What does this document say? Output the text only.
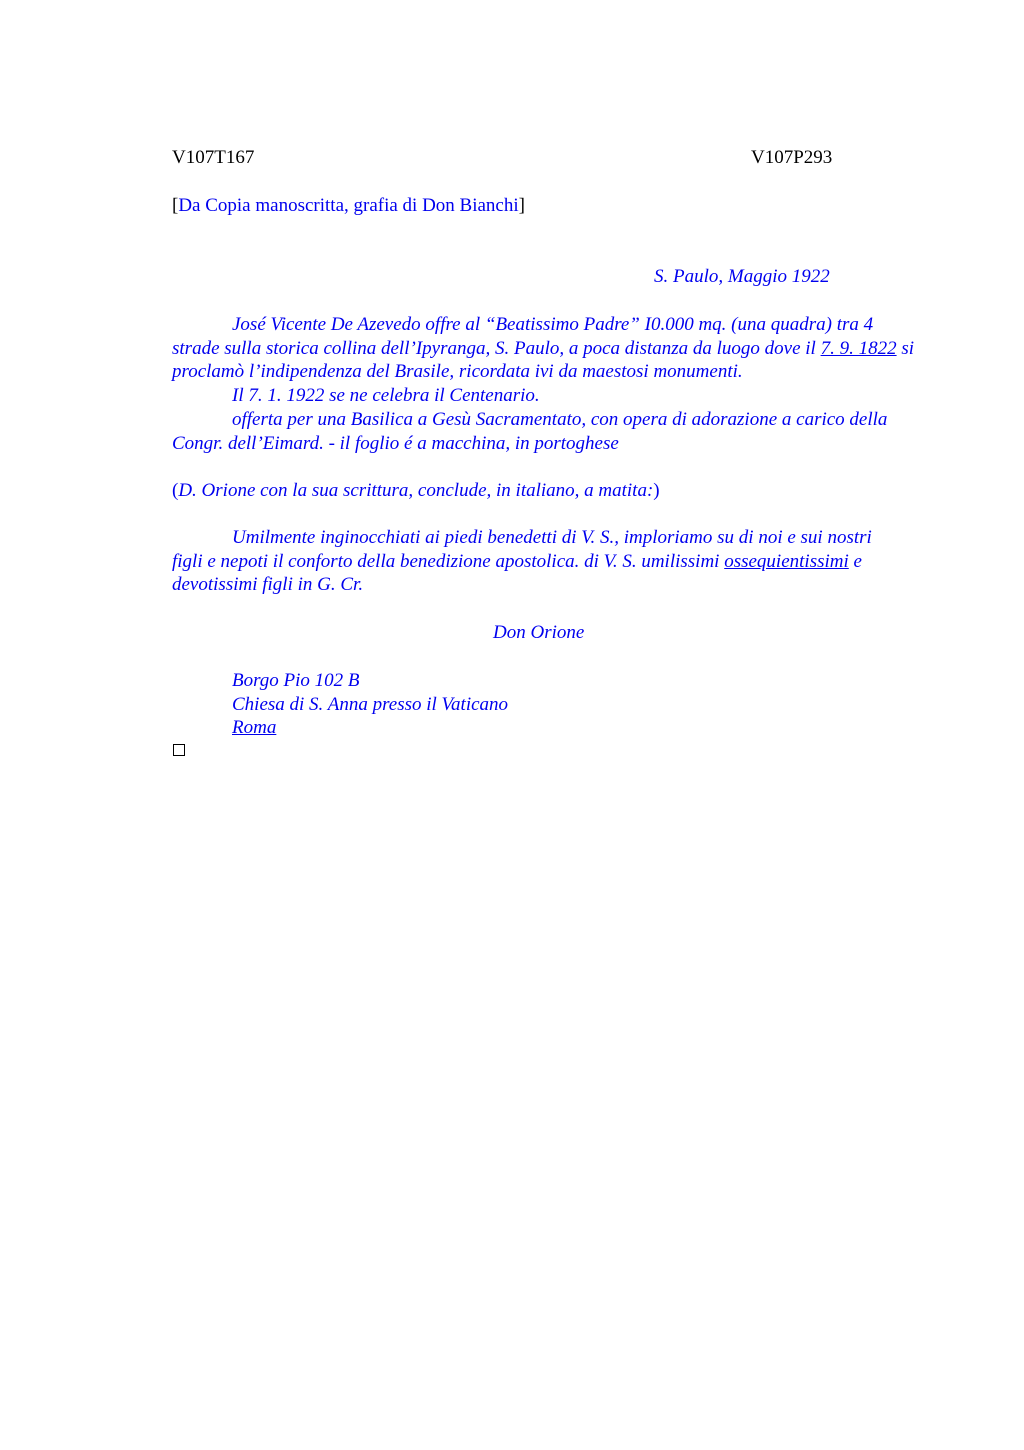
V107T167	V107P293
[Da Copia manoscritta, grafia di Don Bianchi]
S. Paulo, Maggio 1922

José Vicente De Azevedo offre al “Beatissimo Padre” I0.000 mq. (una quadra) tra 4 strade sulla storica collina dell’Ipyranga, S. Paulo, a poca distanza da luogo dove il 7. 9. 1822 si proclamò l’indipendenza del Brasile, ricordata ivi da maestosi monumenti.

Il 7. 1. 1922 se ne celebra il Centenario.

offerta per una Basilica a Gesù Sacramentato, con opera di adorazione a carico della Congr. dell’Eimard. - il foglio é a macchina, in portoghese

(D. Orione con la sua scrittura, conclude, in italiano, a matita:)

Umilmente inginocchiati ai piedi benedetti di V. S., imploriamo su di noi e sui nostri figli e nepoti il conforto della benedizione apostolica. di V. S. umilissimi ossequientissimi e devotissimi figli in G. Cr.

Don Orione
Borgo Pio 102 B
Chiesa di S. Anna presso il Vaticano
Roma
